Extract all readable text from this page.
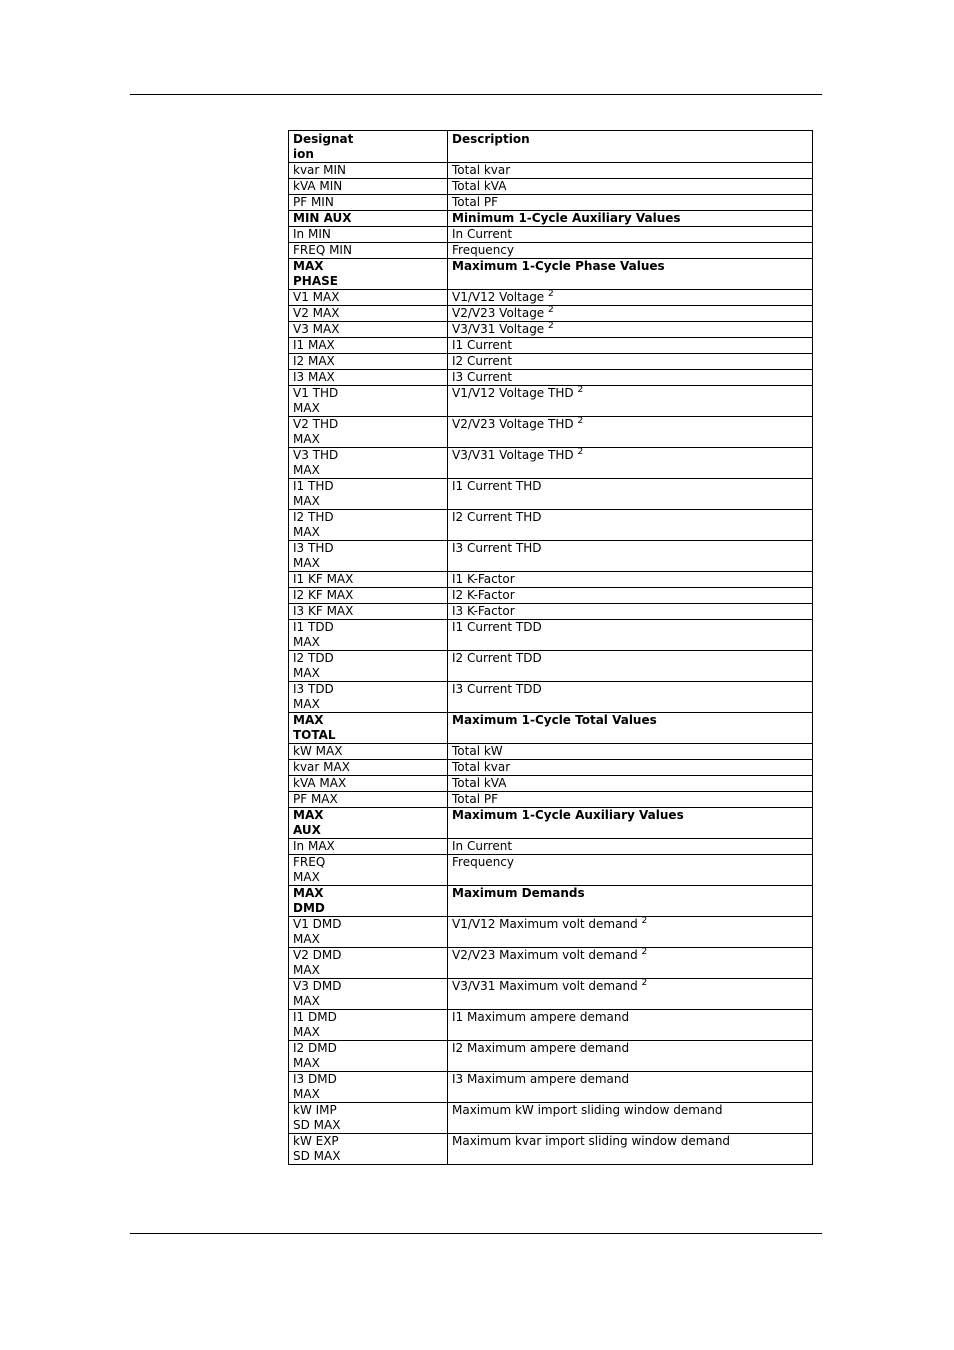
Designat
ion	Description
kvar MIN	Total kvar
kVA MIN	Total kVA
PF MIN	Total PF
MIN AUX	Minimum 1-Cycle Auxiliary Values
In MIN	In Current
FREQ MIN	Frequency
MAX
PHASE	Maximum 1-Cycle Phase Values
V1 MAX	V1/V12 Voltage $^2$
V2 MAX	V2/V23 Voltage $^2$
V3 MAX	V3/V31 Voltage $^2$
I1 MAX	I1 Current
I2 MAX	I2 Current
I3 MAX	I3 Current
V1 THD
MAX	V1/V12 Voltage THD $^2$
V2 THD
MAX	V2/V23 Voltage THD $^2$
V3 THD
MAX	V3/V31 Voltage THD $^2$
I1 THD
MAX	I1 Current THD
I2 THD
MAX	I2 Current THD
I3 THD
MAX	I3 Current THD
I1 KF MAX	I1 K-Factor
I2 KF MAX	I2 K-Factor
I3 KF MAX	I3 K-Factor
I1 TDD
MAX	I1 Current TDD
I2 TDD
MAX	I2 Current TDD
I3 TDD
MAX	I3 Current TDD
MAX
TOTAL	Maximum 1-Cycle Total Values
kW MAX	Total kW
kvar MAX	Total kvar
kVA MAX	Total kVA
PF MAX	Total PF
MAX
AUX	Maximum 1-Cycle Auxiliary Values
In MAX	In Current
FREQ
MAX	Frequency
MAX
DMD	Maximum Demands
V1 DMD
MAX	V1/V12 Maximum volt demand $^2$
V2 DMD
MAX	V2/V23 Maximum volt demand $^2$
V3 DMD
MAX	V3/V31 Maximum volt demand $^2$
I1 DMD
MAX	I1 Maximum ampere demand
I2 DMD
MAX	I2 Maximum ampere demand
I3 DMD
MAX	I3 Maximum ampere demand
kW IMP
SD MAX	Maximum kW import sliding window demand
kW EXP
SD MAX	Maximum kvar import sliding window demand
